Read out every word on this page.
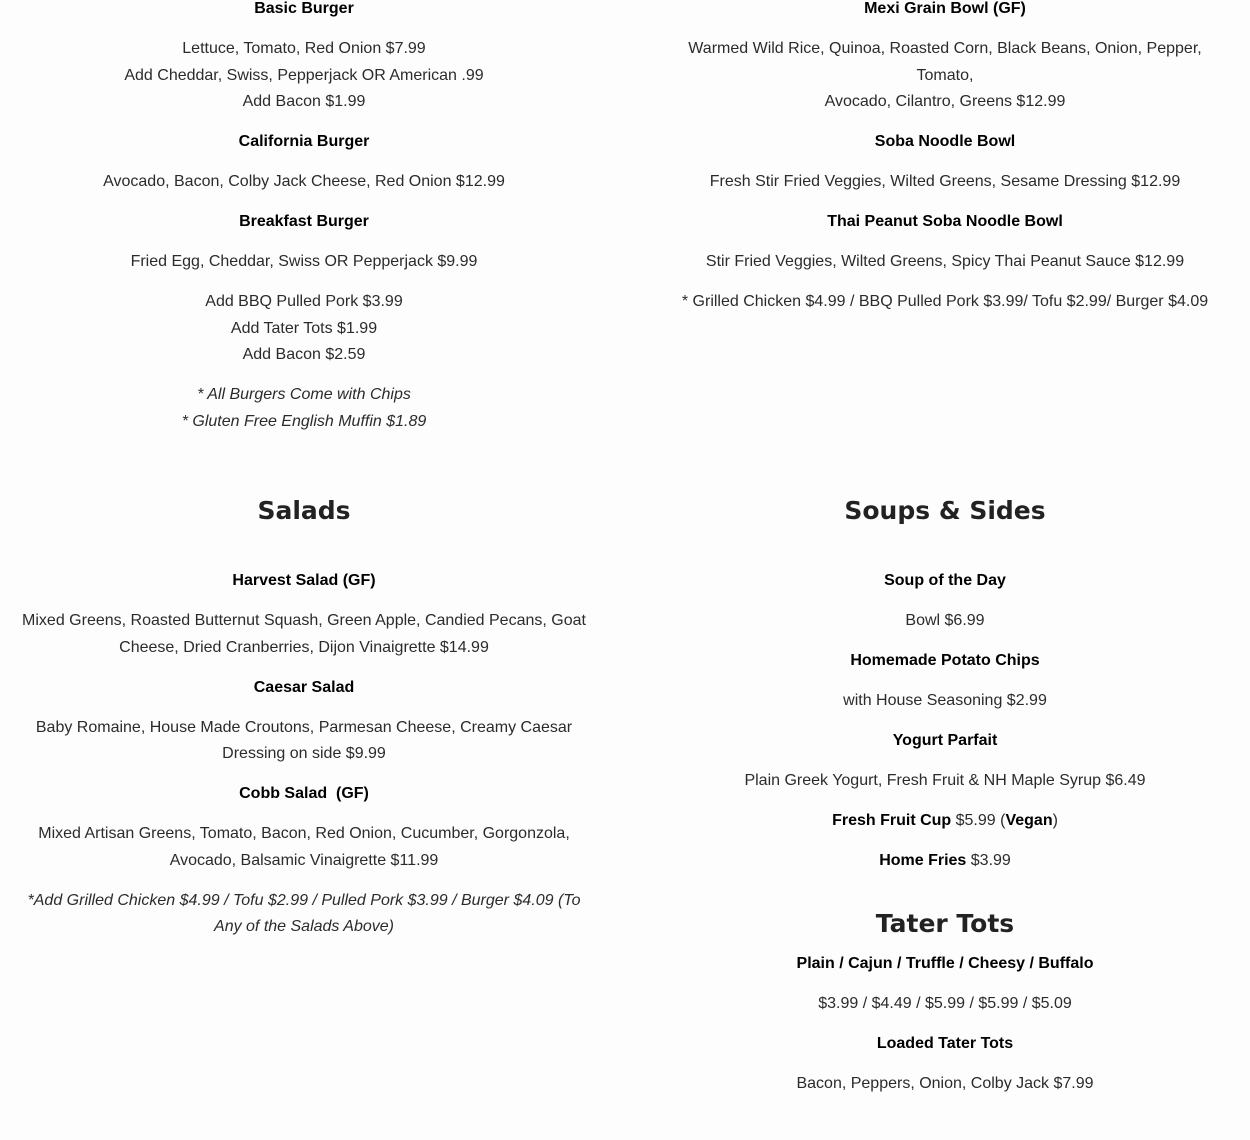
Basic Burger

Lettuce, Tomato, Red Onion $7.99
Add Cheddar, Swiss, Pepperjack OR American .99
Add Bacon $1.99

California Burger

Avocado, Bacon, Colby Jack Cheese, Red Onion $12.99

Breakfast Burger

Fried Egg, Cheddar, Swiss OR Pepperjack $9.99

Add BBQ Pulled Pork $3.99
Add Tater Tots $1.99
Add Bacon $2.59

* All Burgers Come with Chips
* Gluten Free English Muffin $1.89

Salads

Harvest Salad (GF)

Mixed Greens, Roasted Butternut Squash, Green Apple, Candied Pecans, Goat
Cheese, Dried Cranberries, Dijon Vinaigrette $14.99

Caesar Salad

Baby Romaine, House Made Croutons, Parmesan Cheese, Creamy Caesar
Dressing on side $9.99

Cobb Salad  (GF)

Mixed Artisan Greens, Tomato, Bacon, Red Onion, Cucumber, Gorgonzola,
Avocado, Balsamic Vinaigrette $11.99

*Add Grilled Chicken $4.99 / Tofu $2.99 / Pulled Pork $3.99 / Burger $4.09 (To
Any of the Salads Above)

Mexi Grain Bowl (GF)

Warmed Wild Rice, Quinoa, Roasted Corn, Black Beans, Onion, Pepper, Tomato,
Avocado, Cilantro, Greens $12.99

Soba Noodle Bowl

Fresh Stir Fried Veggies, Wilted Greens, Sesame Dressing $12.99

Thai Peanut Soba Noodle Bowl

Stir Fried Veggies, Wilted Greens, Spicy Thai Peanut Sauce $12.99

* Grilled Chicken $4.99 / BBQ Pulled Pork $3.99/ Tofu $2.99/ Burger $4.09

Soups & Sides

Soup of the Day

Bowl $6.99

Homemade Potato Chips

with House Seasoning $2.99

Yogurt Parfait

Plain Greek Yogurt, Fresh Fruit & NH Maple Syrup $6.49

Fresh Fruit Cup $5.99 (Vegan)

Home Fries $3.99

Tater Tots

Plain / Cajun / Truffle / Cheesy / Buffalo

$3.99 / $4.49 / $5.99 / $5.99 / $5.09

Loaded Tater Tots

Bacon, Peppers, Onion, Colby Jack $7.99
